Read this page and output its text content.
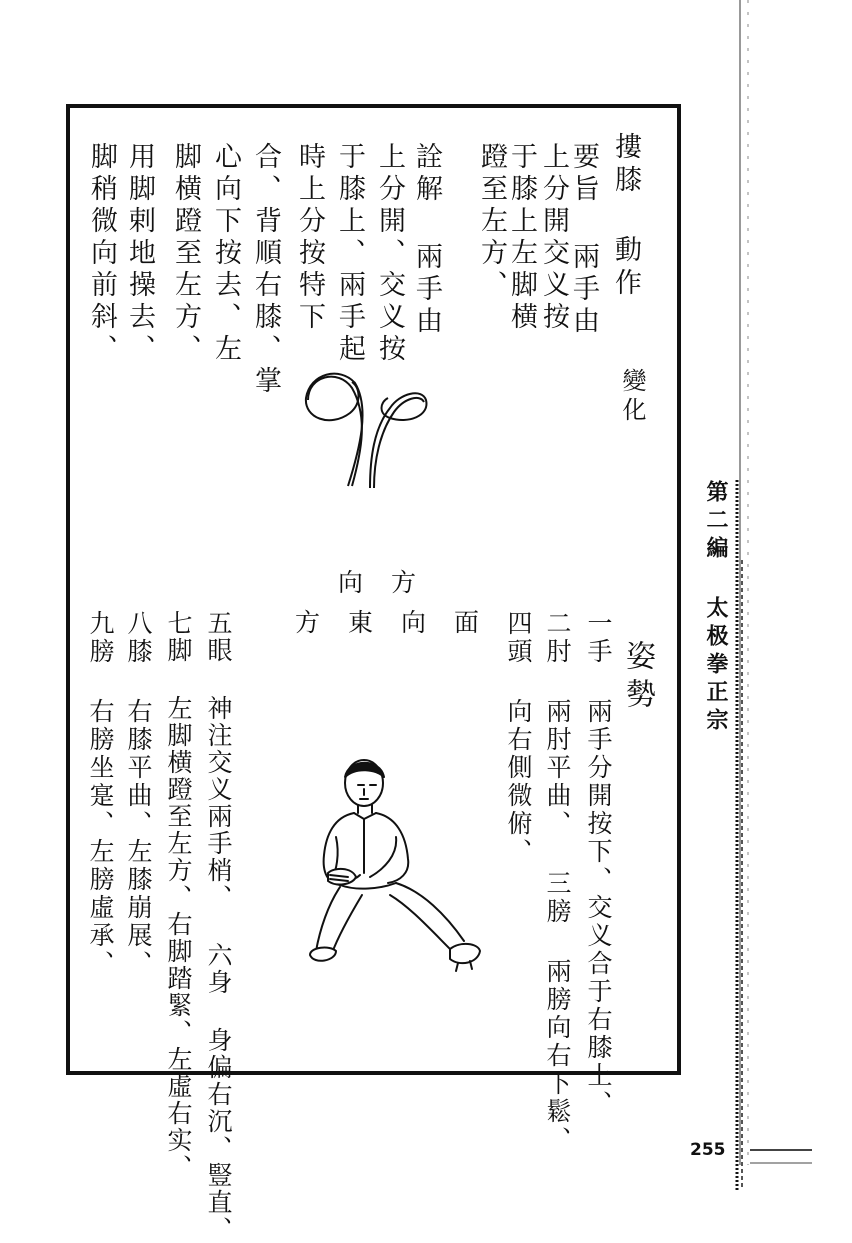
摟膝 動作
變化
要旨 兩手由
上分開交义按
于膝上左脚横
蹬至左方、
詮解 兩手由
上分開、交义按
于膝上、兩手起
時上分按特下
合、背順右膝、掌
心向下按去、左
脚横蹬至左方、
用脚剌地操去、
脚稍微向前斜、
向方
方東向面
姿勢
一手 兩手分開按下、交义合于右膝上、
二肘 兩肘平曲、 三膀 兩膀向右下鬆、
四頭 向右側微俯、
五眼 神注交义兩手梢、 六身 身偏右沉、豎直、
七脚 左脚横蹬至左方、右脚踏緊、左虛右实、
八膝 右膝平曲、左膝崩展、
九膀 右膀坐寔、左膀虛承、
第二編 太极拳正宗
255
